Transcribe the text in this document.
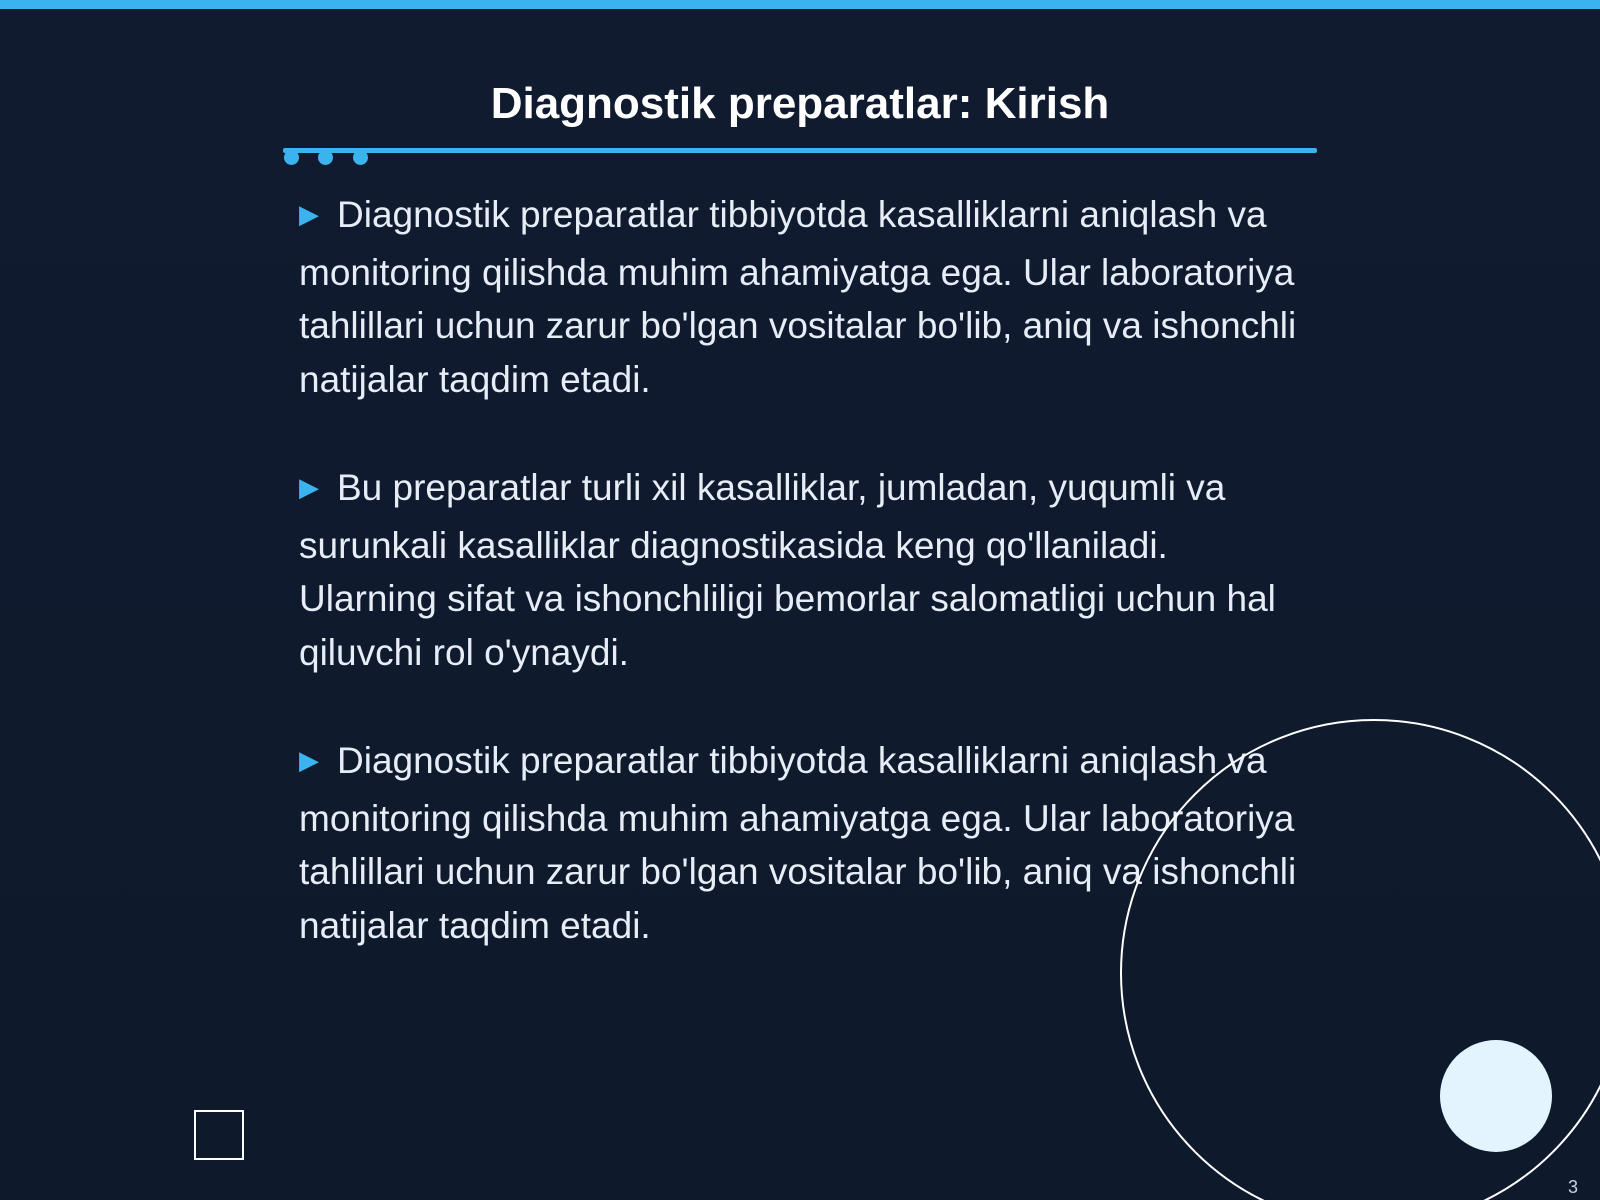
Diagnostik preparatlar: Kirish
▶ Diagnostik preparatlar tibbiyotda kasalliklarni aniqlash va monitoring qilishda muhim ahamiyatga ega. Ular laboratoriya tahlillari uchun zarur bo'lgan vositalar bo'lib, aniq va ishonchli natijalar taqdim etadi.
▶ Bu preparatlar turli xil kasalliklar, jumladan, yuqumli va surunkali kasalliklar diagnostikasida keng qo'llaniladi. Ularning sifat va ishonchliligi bemorlar salomatligi uchun hal qiluvchi rol o'ynaydi.
▶ Diagnostik preparatlar tibbiyotda kasalliklarni aniqlash va monitoring qilishda muhim ahamiyatga ega. Ular laboratoriya tahlillari uchun zarur bo'lgan vositalar bo'lib, aniq va ishonchli natijalar taqdim etadi.
3
